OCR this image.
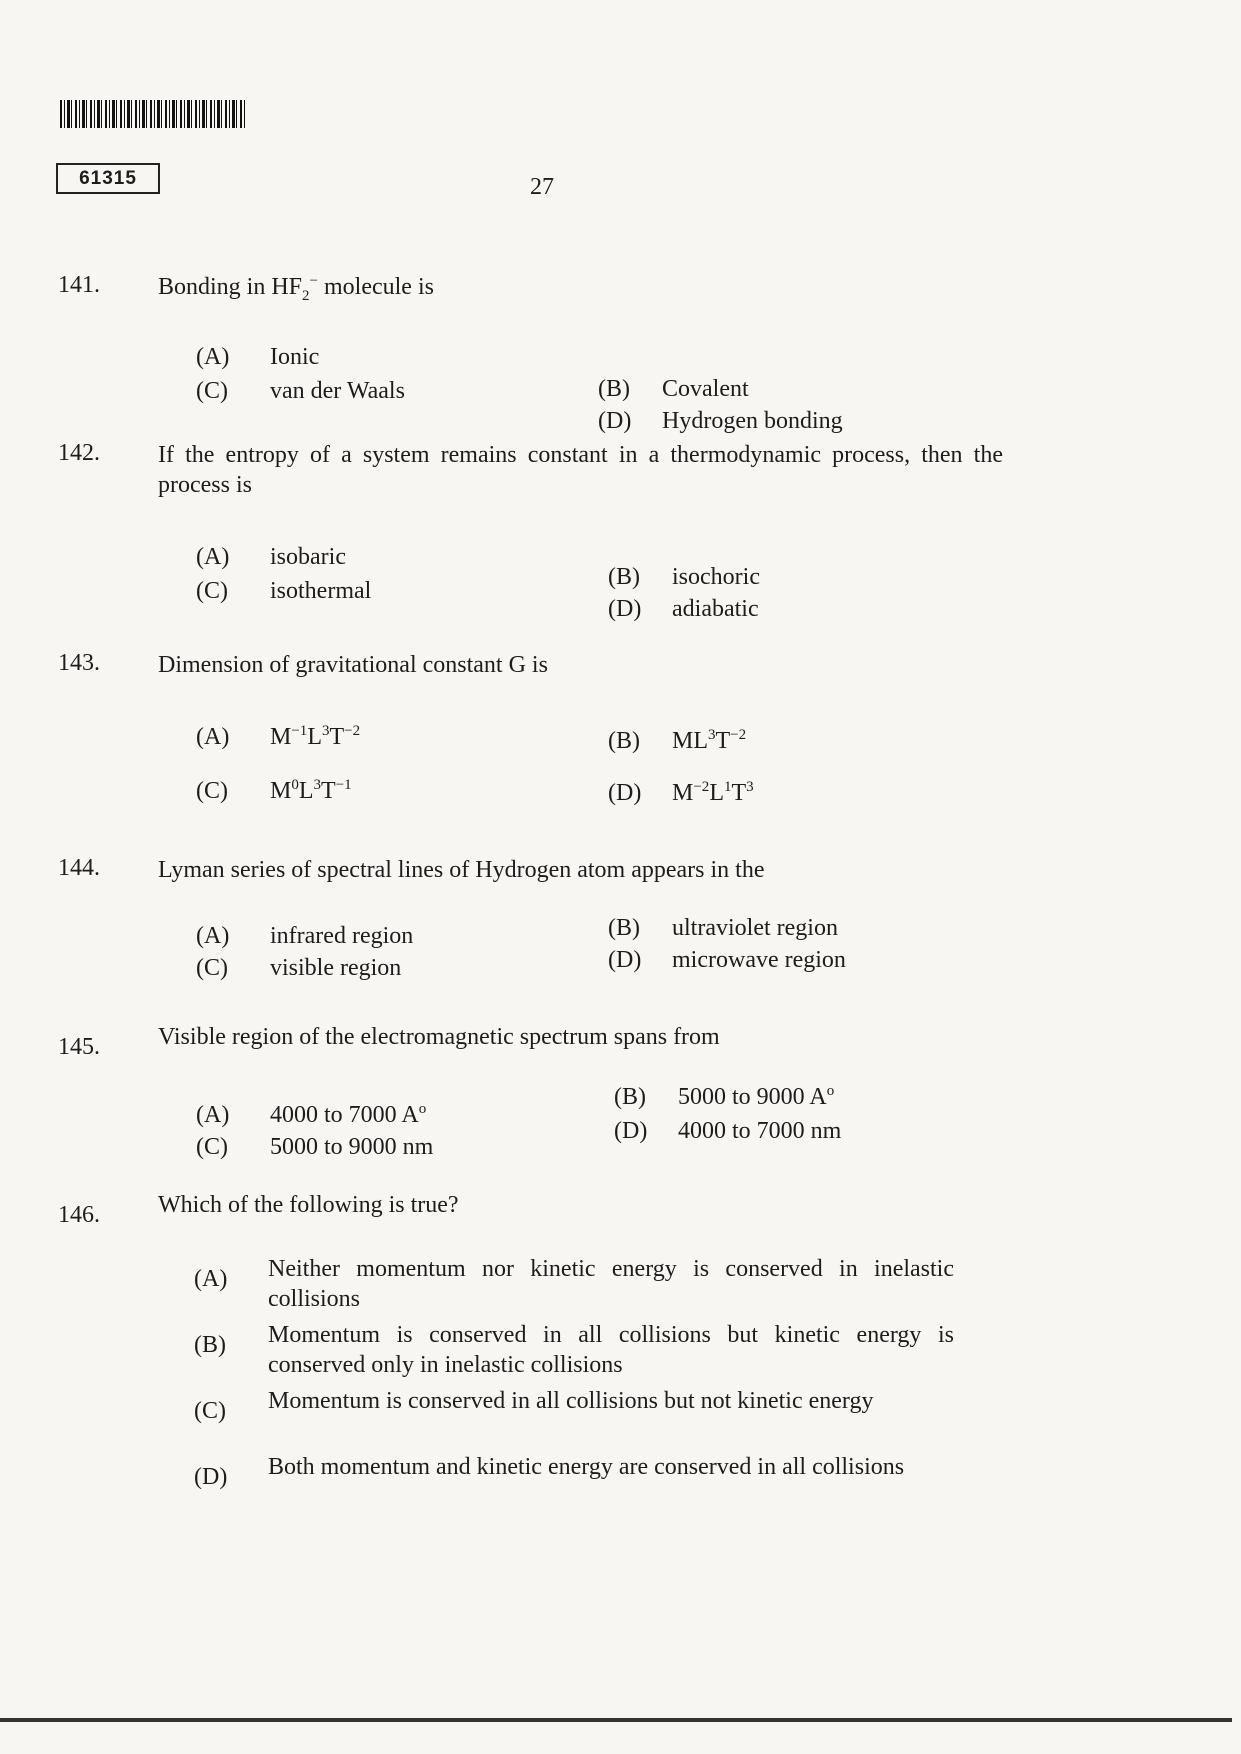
61315	27
141. Bonding in $HF_2^-$ molecule is
(A) Ionic
(B) Covalent
(C) van der Waals
(D) Hydrogen bonding
142. If the entropy of a system remains constant in a thermodynamic process, then the process is
(A) isobaric
(B) isochoric
(C) isothermal
(D) adiabatic
143. Dimension of gravitational constant G is
(A) $M^{-1}L^3T^{-2}$	(B) $ML^3T^{-2}$
(C) $M^0L^3T^{-1}$	(D) $M^{-2}L^1T^3$
144. Lyman series of spectral lines of Hydrogen atom appears in the
(A) infrared region	(B) ultraviolet region
(C) visible region	(D) microwave region
145. Visible region of the electromagnetic spectrum spans from
(A) 4000 to 7000 $A^o$	(B) 5000 to 9000 $A^o$
(C) 5000 to 9000 nm
(D) 4000 to 7000 nm
146. Which of the following is true?
(A)	Neither momentum nor kinetic energy is conserved in inelastic collisions
(B)	Momentum is conserved in all collisions but kinetic energy is conserved only in inelastic collisions
(C)	Momentum is conserved in all collisions but not kinetic energy
(D)	Both momentum and kinetic energy are conserved in all collisions
